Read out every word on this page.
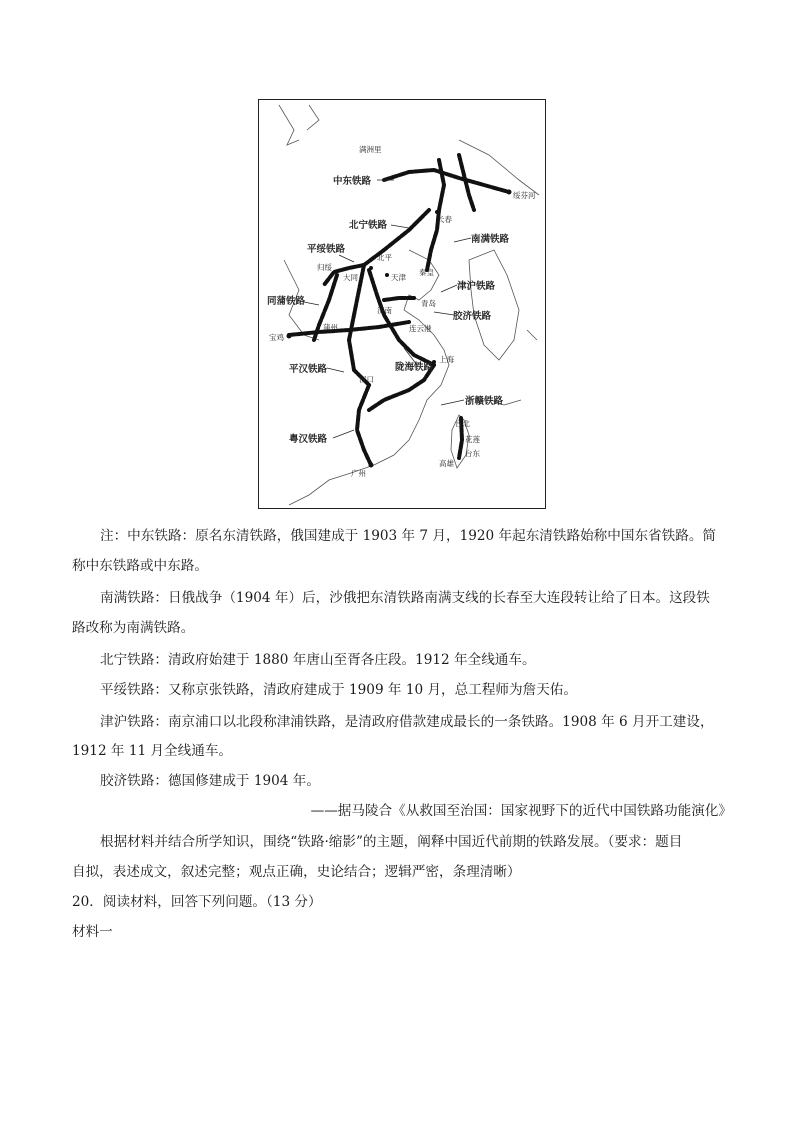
满洲里
长春
绥芬河
北平
归绥
大同	天津
秦皇
青岛
济南
蒲州	连云港
宝鸡
上海
汉口
台北
花莲
台东
高雄
广州
中东铁路
北宁铁路
南满铁路
平绥铁路
津沪铁路
同蒲铁路
胶济铁路
陇海铁路
平汉铁路
浙赣铁路
粤汉铁路

注：中东铁路：原名东清铁路，俄国建成于 1903 年 7 月，1920 年起东清铁路始称中国东省铁路。简

称中东铁路或中东路。

南满铁路：日俄战争（1904 年）后，沙俄把东清铁路南满支线的长春至大连段转让给了日本。这段铁

路改称为南满铁路。

北宁铁路：清政府始建于 1880 年唐山至胥各庄段。1912 年全线通车。

平绥铁路：又称京张铁路，清政府建成于 1909 年 10 月，总工程师为詹天佑。

津沪铁路：南京浦口以北段称津浦铁路，是清政府借款建成最长的一条铁路。1908 年 6 月开工建设，

1912 年 11 月全线通车。

胶济铁路：德国修建成于 1904 年。

——据马陵合《从救国至治国：国家视野下的近代中国铁路功能演化》

根据材料并结合所学知识，围绕“铁路·缩影”的主题，阐释中国近代前期的铁路发展。（要求：题目

自拟，表述成文，叙述完整；观点正确，史论结合；逻辑严密，条理清晰）

20．阅读材料，回答下列问题。（13 分）

材料一
